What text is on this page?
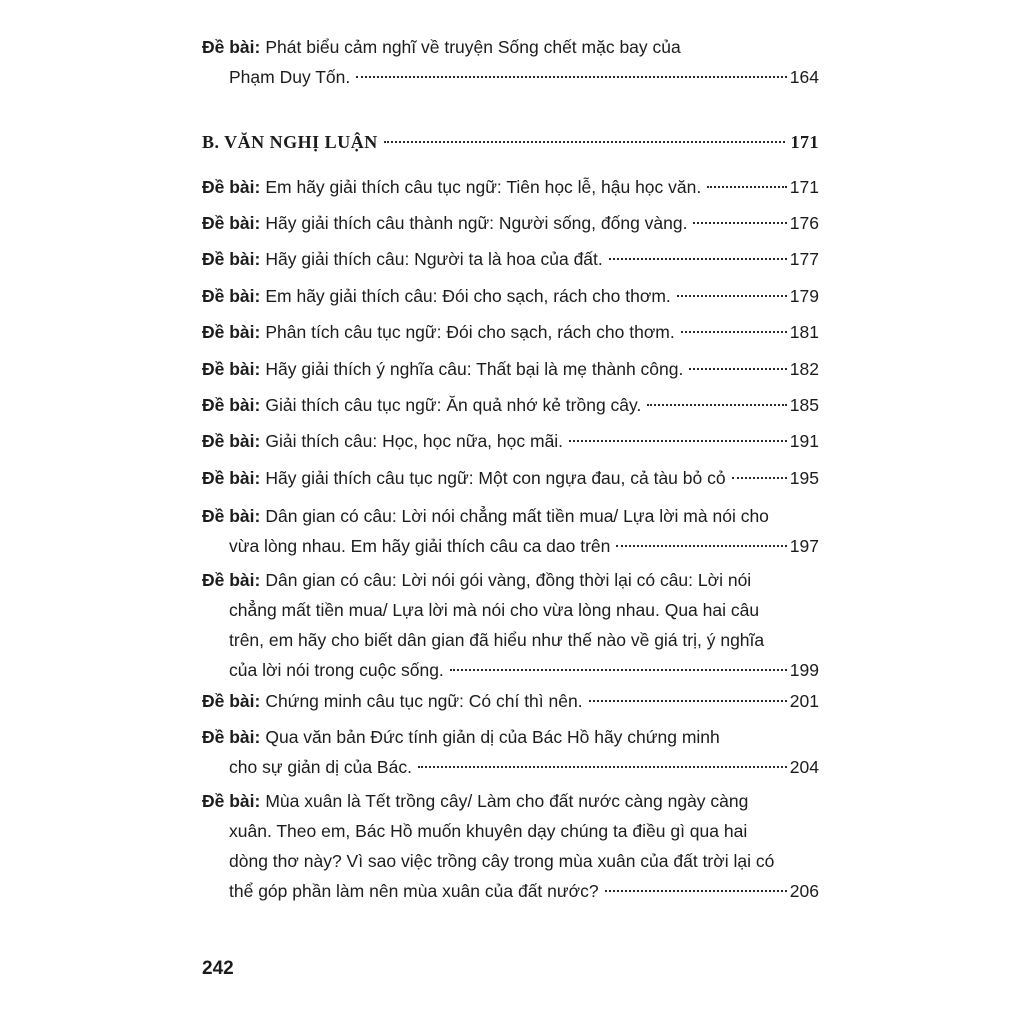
Đề bài: Phát biểu cảm nghĩ về truyện Sống chết mặc bay của
Phạm Duy Tốn.	164
B. VĂN NGHỊ LUẬN	171
Đề bài: Em hãy giải thích câu tục ngữ: Tiên học lễ, hậu học văn.	171
Đề bài: Hãy giải thích câu thành ngữ: Người sống, đống vàng.	176
Đề bài: Hãy giải thích câu: Người ta là hoa của đất.	177
Đề bài: Em hãy giải thích câu: Đói cho sạch, rách cho thơm.	179
Đề bài: Phân tích câu tục ngữ: Đói cho sạch, rách cho thơm.	181
Đề bài: Hãy giải thích ý nghĩa câu: Thất bại là mẹ thành công.	182
Đề bài: Giải thích câu tục ngữ: Ăn quả nhớ kẻ trồng cây.	185
Đề bài: Giải thích câu: Học, học nữa, học mãi.	191
Đề bài: Hãy giải thích câu tục ngữ: Một con ngựa đau, cả tàu bỏ cỏ	195
Đề bài: Dân gian có câu: Lời nói chẳng mất tiền mua/ Lựa lời mà nói cho
vừa lòng nhau. Em hãy giải thích câu ca dao trên	197
Đề bài: Dân gian có câu: Lời nói gói vàng, đồng thời lại có câu: Lời nói
chẳng mất tiền mua/ Lựa lời mà nói cho vừa lòng nhau. Qua hai câu
trên, em hãy cho biết dân gian đã hiểu như thế nào về giá trị, ý nghĩa
của lời nói trong cuộc sống.	199
Đề bài: Chứng minh câu tục ngữ: Có chí thì nên.	201
Đề bài: Qua văn bản Đức tính giản dị của Bác Hồ hãy chứng minh
cho sự giản dị của Bác.	204
Đề bài: Mùa xuân là Tết trồng cây/ Làm cho đất nước càng ngày càng
xuân. Theo em, Bác Hồ muốn khuyên dạy chúng ta điều gì qua hai
dòng thơ này? Vì sao việc trồng cây trong mùa xuân của đất trời lại có
thể góp phần làm nên mùa xuân của đất nước?	206
242
